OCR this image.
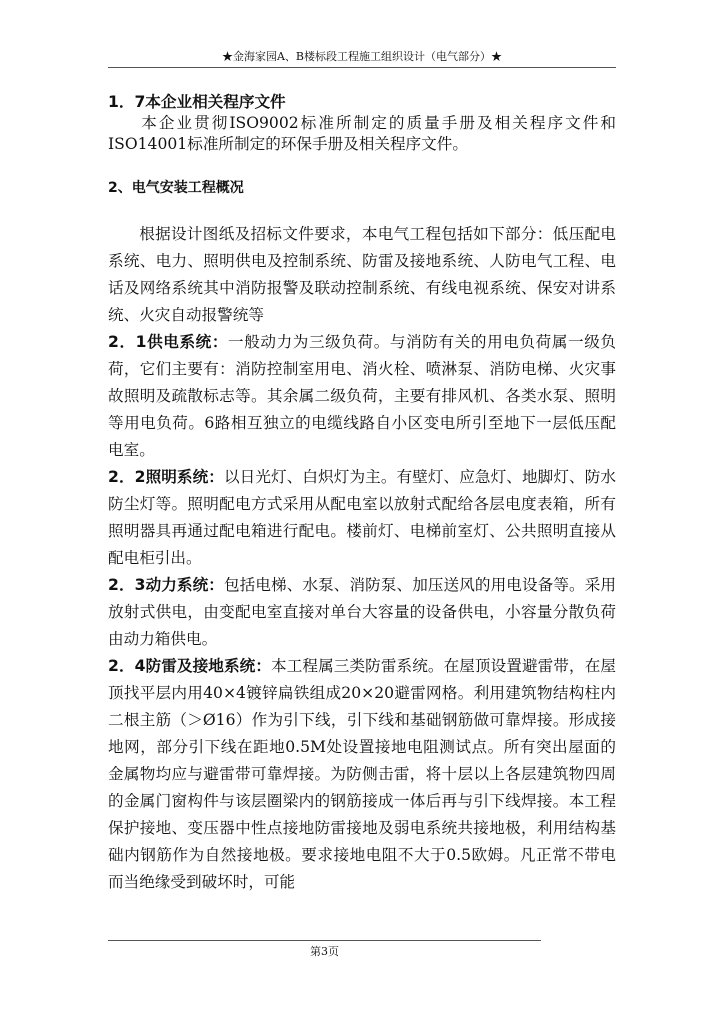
★金海家园A、B楼标段工程施工组织设计（电气部分）★

1．7本企业相关程序文件
  本企业贯彻ISO9002标准所制定的质量手册及相关程序文件和ISO14001标准所制定的环保手册及相关程序文件。

2、电气安装工程概况

根据设计图纸及招标文件要求，本电气工程包括如下部分：低压配电系统、电力、照明供电及控制系统、防雷及接地系统、人防电气工程、电话及网络系统其中消防报警及联动控制系统、有线电视系统、保安对讲系统、火灾自动报警统等

2．1供电系统：一般动力为三级负荷。与消防有关的用电负荷属一级负荷，它们主要有：消防控制室用电、消火栓、喷淋泵、消防电梯、火灾事故照明及疏散标志等。其余属二级负荷，主要有排风机、各类水泵、照明等用电负荷。6路相互独立的电缆线路自小区变电所引至地下一层低压配电室。

2．2照明系统：以日光灯、白炽灯为主。有壁灯、应急灯、地脚灯、防水防尘灯等。照明配电方式采用从配电室以放射式配给各层电度表箱，所有照明器具再通过配电箱进行配电。楼前灯、电梯前室灯、公共照明直接从配电柜引出。

2．3动力系统：包括电梯、水泵、消防泵、加压送风的用电设备等。采用放射式供电，由变配电室直接对单台大容量的设备供电，小容量分散负荷由动力箱供电。

2．4防雷及接地系统：本工程属三类防雷系统。在屋顶设置避雷带，在屋顶找平层内用40×4镀锌扁铁组成20×20避雷网格。利用建筑物结构柱内二根主筋（＞Ø16）作为引下线，引下线和基础钢筋做可靠焊接。形成接地网，部分引下线在距地0.5M处设置接地电阻测试点。所有突出屋面的金属物均应与避雷带可靠焊接。为防侧击雷，将十层以上各层建筑物四周的金属门窗构件与该层圈梁内的钢筋接成一体后再与引下线焊接。本工程保护接地、变压器中性点接地防雷接地及弱电系统共接地极，利用结构基础内钢筋作为自然接地极。要求接地电阻不大于0.5欧姆。凡正常不带电而当绝缘受到破坏时，可能

第3页
